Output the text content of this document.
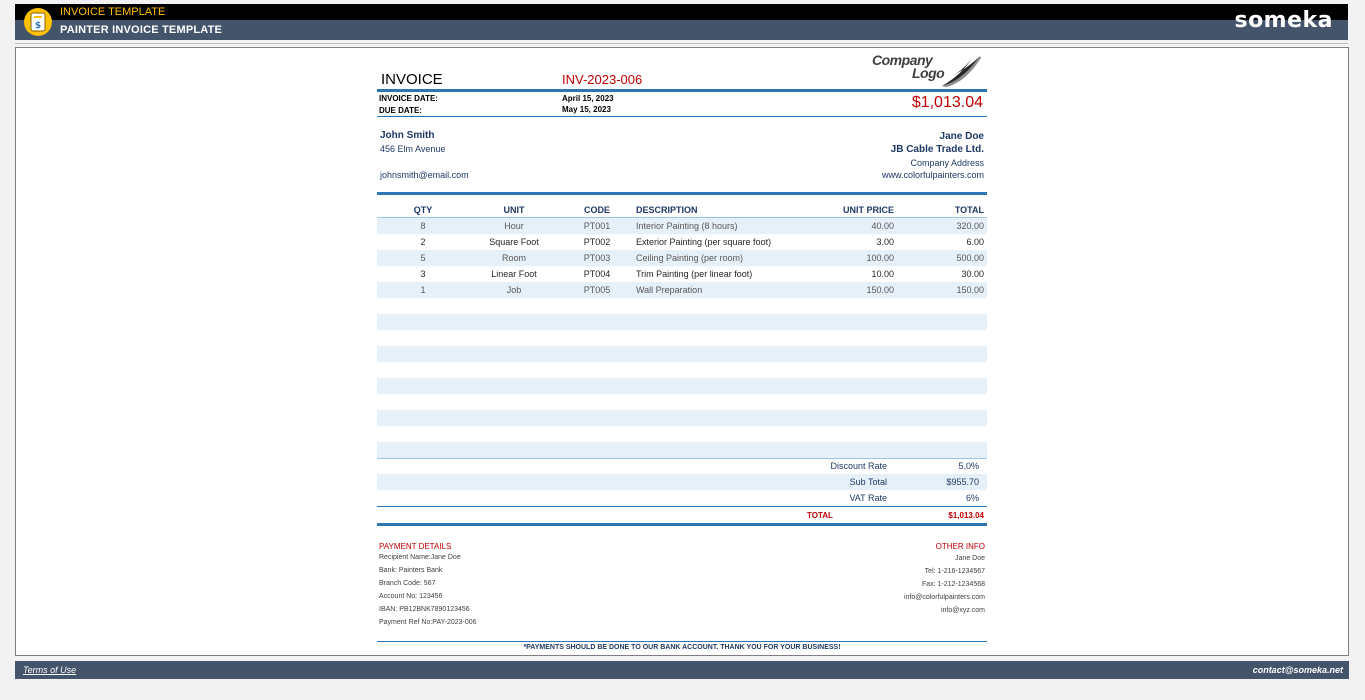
$
INVOICE TEMPLATE
PAINTER INVOICE TEMPLATE	someka
INVOICE	INV-2023-006
Company
Logo
INVOICE DATE:	April 15, 2023
DUE DATE:	May 15, 2023	$1,013.04
John Smith
456 Elm Avenue
johnsmith@email.com
Jane Doe
JB Cable Trade Ltd.
Company Address
www.colorfulpainters.com
QTY	UNIT	CODE	DESCRIPTION	UNIT PRICE	TOTAL
8	Hour	PT001	Interior Painting (8 hours)	40.00	320.00
2	Square Foot	PT002	Exterior Painting (per square foot)	3.00	6.00
5	Room	PT003	Ceiling Painting (per room)	100.00	500.00
3	Linear Foot	PT004	Trim Painting (per linear foot)	10.00	30.00
1	Job	PT005	Wall Preparation	150.00	150.00
Discount Rate	5.0%
Sub Total	$955.70
VAT Rate	6%
TOTAL	$1,013.04
PAYMENT DETAILS
Recipient Name:Jane Doe
Bank: Painters Bank
Branch Code: 567
Account No: 123456
IBAN: PB12BNK7890123456
Payment Ref No:PAY-2023-006
OTHER INFO
Jane Doe
Tel: 1-216-1234567
Fax: 1-212-1234568
info@colorfulpainters.com
info@xyz.com
*PAYMENTS SHOULD BE DONE TO OUR BANK ACCOUNT. THANK YOU FOR YOUR BUSINESS!
Terms of Use	contact@someka.net
